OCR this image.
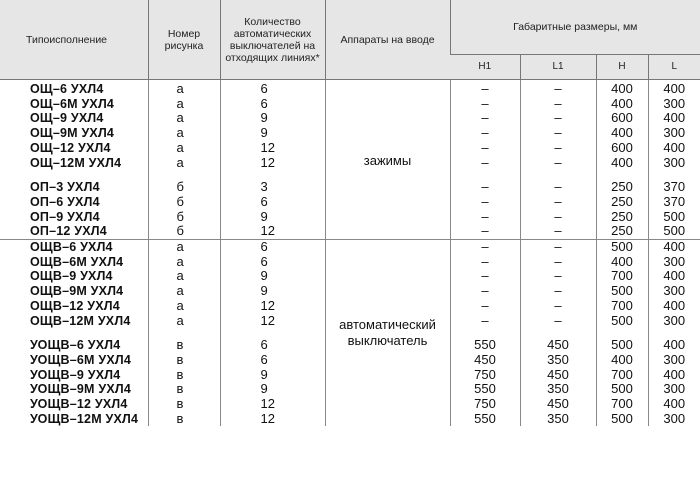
Типоисполнение	Номер рисунка	Количество автоматических выключателей на отходящих линиях*	Аппараты на вводе	Габаритные размеры, мм			
				H1	L1	H	L
ОЩ–6 УХЛ4	а	6	зажимы	–	–	400	400
ОЩ–6М УХЛ4	а	6		–	–	400	300
ОЩ–9 УХЛ4	а	9		–	–	600	400
ОЩ–9М УХЛ4	а	9		–	–	400	300
ОЩ–12 УХЛ4	а	12		–	–	600	400
ОЩ–12М УХЛ4	а	12		–	–	400	300

ОП–3 УХЛ4	б	3		–	–	250	370
ОП–6 УХЛ4	б	6		–	–	250	370
ОП–9 УХЛ4	б	9		–	–	250	500
ОП–12 УХЛ4	б	12		–	–	250	500
ОЩВ–6 УХЛ4	а	6	автоматический выключатель	–	–	500	400
ОЩВ–6М УХЛ4	а	6		–	–	400	300
ОЩВ–9 УХЛ4	а	9		–	–	700	400
ОЩВ–9М УХЛ4	а	9		–	–	500	300
ОЩВ–12 УХЛ4	а	12		–	–	700	400
ОЩВ–12М УХЛ4	а	12		–	–	500	300

УОЩВ–6 УХЛ4	в	6		550	450	500	400
УОЩВ–6М УХЛ4	в	6		450	350	400	300
УОЩВ–9 УХЛ4	в	9		750	450	700	400
УОЩВ–9М УХЛ4	в	9		550	350	500	300
УОЩВ–12 УХЛ4	в	12		750	450	700	400
УОЩВ–12М УХЛ4	в	12		550	350	500	300
